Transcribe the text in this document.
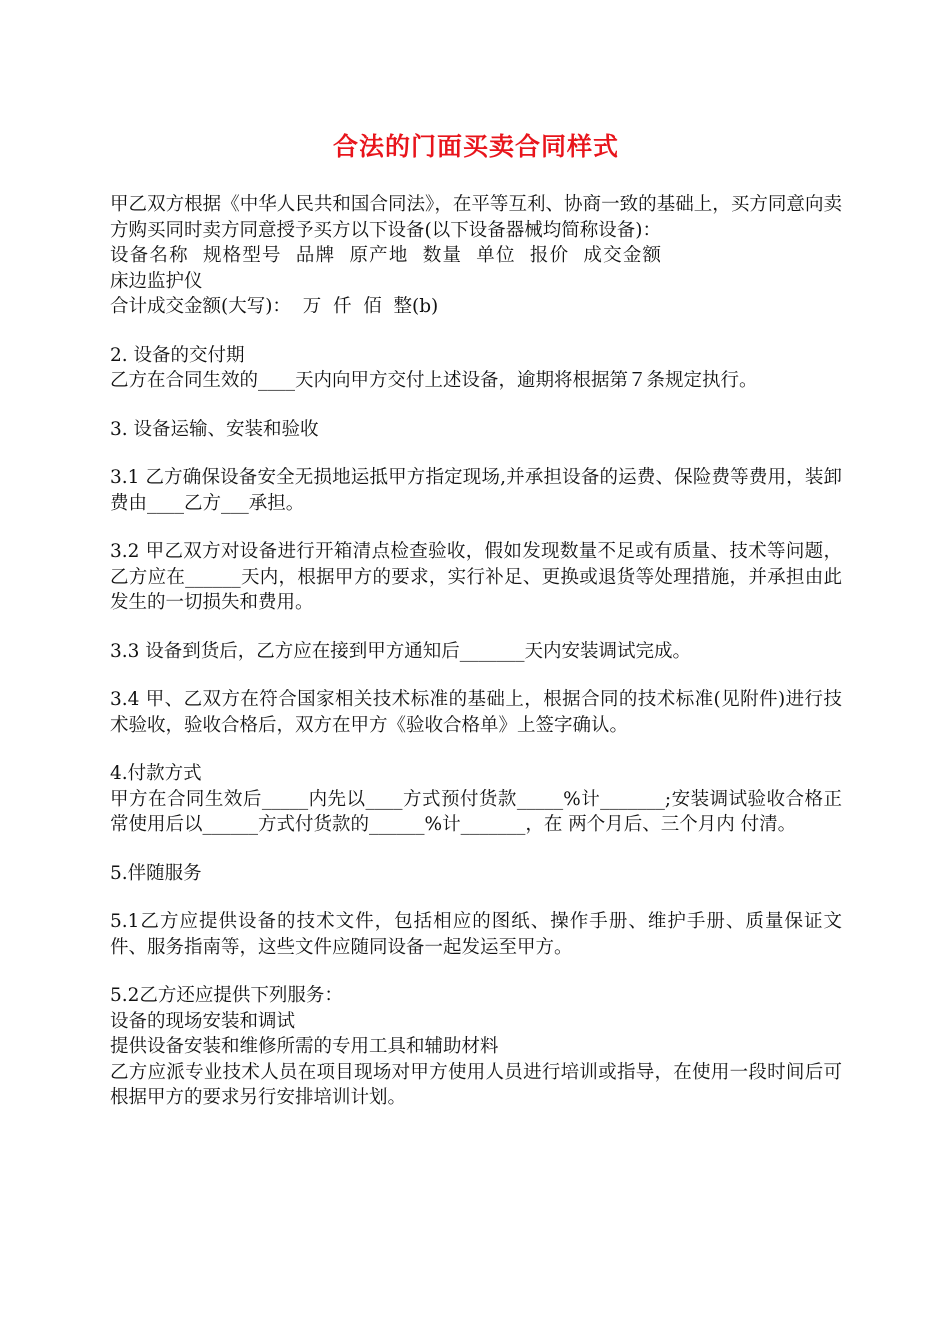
合法的门面买卖合同样式
甲乙双方根据《中华人民共和国合同法》，在平等互利、协商一致的基础上，买方同意向卖方购买同时卖方同意授予买方以下设备(以下设备器械均简称设备)：
设备名称  规格型号  品牌  原产地  数量  单位  报价  成交金额
床边监护仪
合计成交金额(大写)：  万  仟  佰  整(b)
2. 设备的交付期
乙方在合同生效的____天内向甲方交付上述设备，逾期将根据第７条规定执行。
3. 设备运输、安装和验收
3.1 乙方确保设备安全无损地运抵甲方指定现场,并承担设备的运费、保险费等费用，装卸费由____乙方___承担。
3.2 甲乙双方对设备进行开箱清点检查验收，假如发现数量不足或有质量、技术等问题，乙方应在______天内，根据甲方的要求，实行补足、更换或退货等处理措施，并承担由此发生的一切损失和费用。
3.3 设备到货后，乙方应在接到甲方通知后_______天内安装调试完成。
3.4 甲、乙双方在符合国家相关技术标准的基础上，根据合同的技术标准(见附件)进行技术验收，验收合格后，双方在甲方《验收合格单》上签字确认。
4.付款方式
甲方在合同生效后_____内先以____方式预付货款_____%计_______;安装调试验收合格正常使用后以______方式付货款的______%计_______，在 两个月后、三个月内 付清。
5.伴随服务
5.1乙方应提供设备的技术文件，包括相应的图纸、操作手册、维护手册、质量保证文件、服务指南等，这些文件应随同设备一起发运至甲方。
5.2乙方还应提供下列服务：
设备的现场安装和调试
提供设备安装和维修所需的专用工具和辅助材料
乙方应派专业技术人员在项目现场对甲方使用人员进行培训或指导，在使用一段时间后可根据甲方的要求另行安排培训计划。
